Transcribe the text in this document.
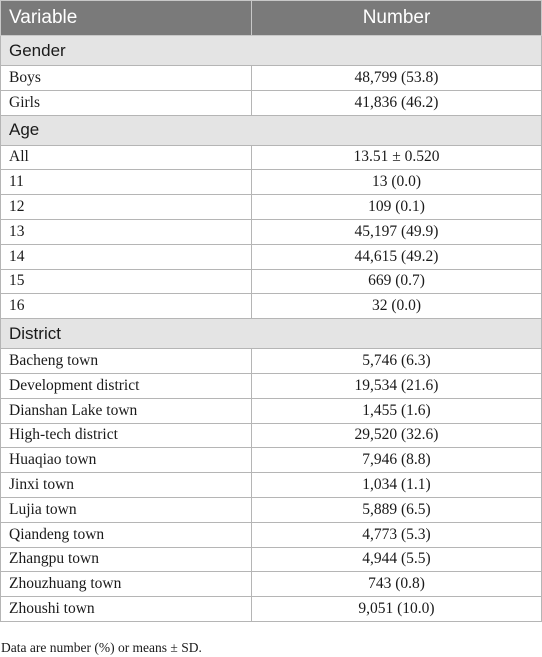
Variable	Number
Gender	
Boys	48,799 (53.8)
Girls	41,836 (46.2)
Age	
All	13.51 ± 0.520
11	13 (0.0)
12	109 (0.1)
13	45,197 (49.9)
14	44,615 (49.2)
15	669 (0.7)
16	32 (0.0)
District	
Bacheng town	5,746 (6.3)
Development district	19,534 (21.6)
Dianshan Lake town	1,455 (1.6)
High-tech district	29,520 (32.6)
Huaqiao town	7,946 (8.8)
Jinxi town	1,034 (1.1)
Lujia town	5,889 (6.5)
Qiandeng town	4,773 (5.3)
Zhangpu town	4,944 (5.5)
Zhouzhuang town	743 (0.8)
Zhoushi town	9,051 (10.0)
Data are number (%) or means ± SD.
